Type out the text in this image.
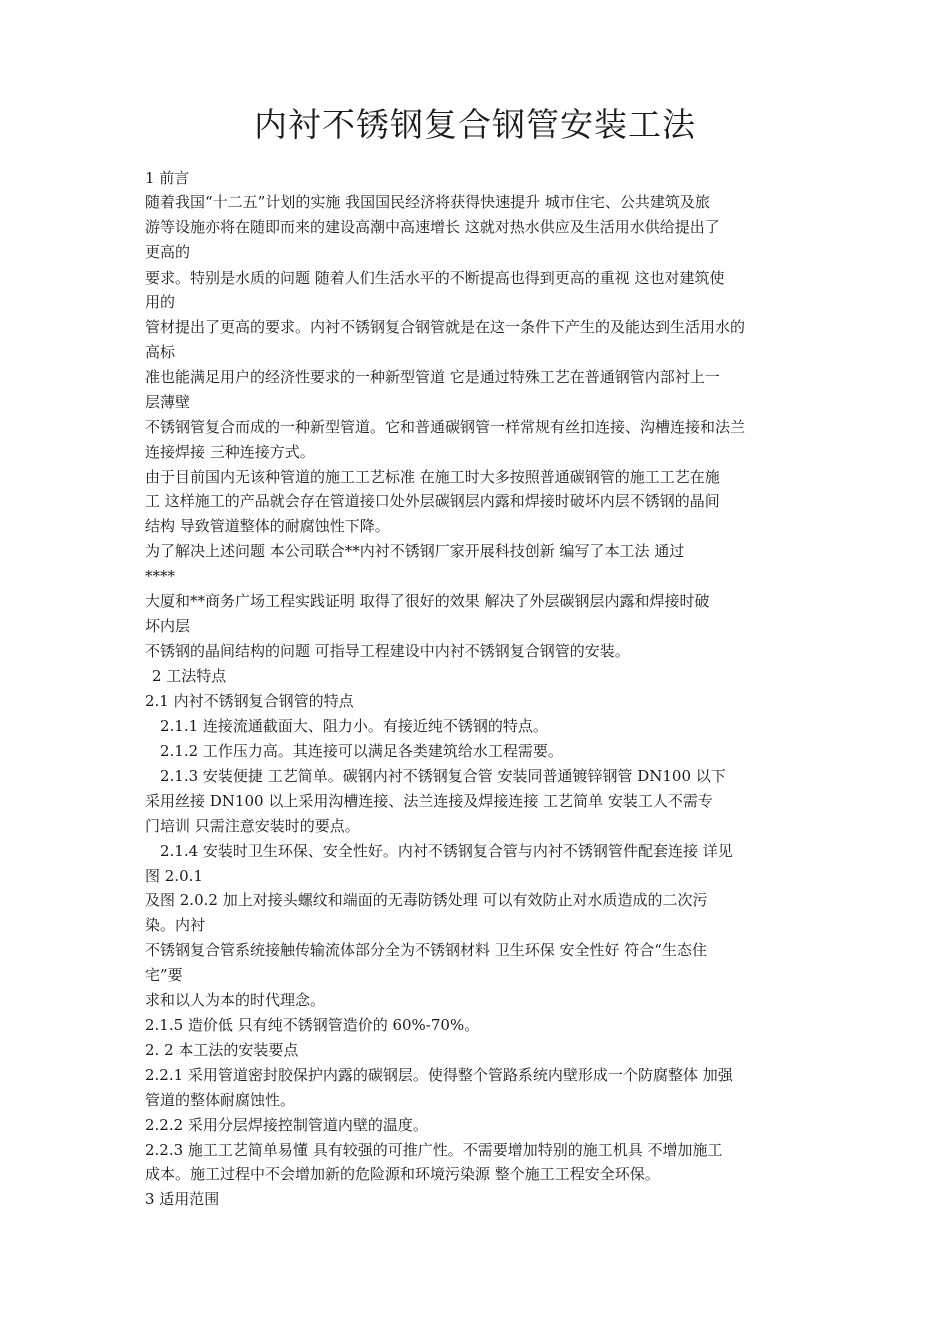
内衬不锈钢复合钢管安装工法
1 前言
随着我国“十二五”计划的实施 我国国民经济将获得快速提升 城市住宅、公共建筑及旅
游等设施亦将在随即而来的建设高潮中高速增长 这就对热水供应及生活用水供给提出了
更高的
要求。特别是水质的问题 随着人们生活水平的不断提高也得到更高的重视 这也对建筑使
用的
管材提出了更高的要求。内衬不锈钢复合钢管就是在这一条件下产生的及能达到生活用水的
高标
准也能满足用户的经济性要求的一种新型管道 它是通过特殊工艺在普通钢管内部衬上一
层薄壁
不锈钢管复合而成的一种新型管道。它和普通碳钢管一样常规有丝扣连接、沟槽连接和法兰
连接焊接 三种连接方式。
由于目前国内无该种管道的施工工艺标准 在施工时大多按照普通碳钢管的施工工艺在施
工 这样施工的产品就会存在管道接口处外层碳钢层内露和焊接时破坏内层不锈钢的晶间
结构 导致管道整体的耐腐蚀性下降。
为了解决上述问题 本公司联合**内衬不锈钢厂家开展科技创新 编写了本工法 通过
****
大厦和**商务广场工程实践证明 取得了很好的效果 解决了外层碳钢层内露和焊接时破
坏内层
不锈钢的晶间结构的问题 可指导工程建设中内衬不锈钢复合钢管的安装。
2 工法特点
2.1 内衬不锈钢复合钢管的特点
2.1.1 连接流通截面大、阻力小。有接近纯不锈钢的特点。
2.1.2 工作压力高。其连接可以满足各类建筑给水工程需要。
2.1.3 安装便捷 工艺简单。碳钢内衬不锈钢复合管 安装同普通镀锌钢管 DN100 以下
采用丝接 DN100 以上采用沟槽连接、法兰连接及焊接连接 工艺简单 安装工人不需专
门培训 只需注意安装时的要点。
2.1.4 安装时卫生环保、安全性好。内衬不锈钢复合管与内衬不锈钢管件配套连接 详见
图 2.0.1
及图 2.0.2 加上对接头螺纹和端面的无毒防锈处理 可以有效防止对水质造成的二次污
染。内衬
不锈钢复合管系统接触传输流体部分全为不锈钢材料 卫生环保 安全性好 符合“生态住
宅”要
求和以人为本的时代理念。
2.1.5 造价低 只有纯不锈钢管造价的 60%-70%。
2. 2 本工法的安装要点
2.2.1 采用管道密封胶保护内露的碳钢层。使得整个管路系统内壁形成一个防腐整体 加强
管道的整体耐腐蚀性。
2.2.2 采用分层焊接控制管道内壁的温度。
2.2.3 施工工艺简单易懂 具有较强的可推广性。不需要增加特别的施工机具 不增加施工
成本。施工过程中不会增加新的危险源和环境污染源 整个施工工程安全环保。
3 适用范围
